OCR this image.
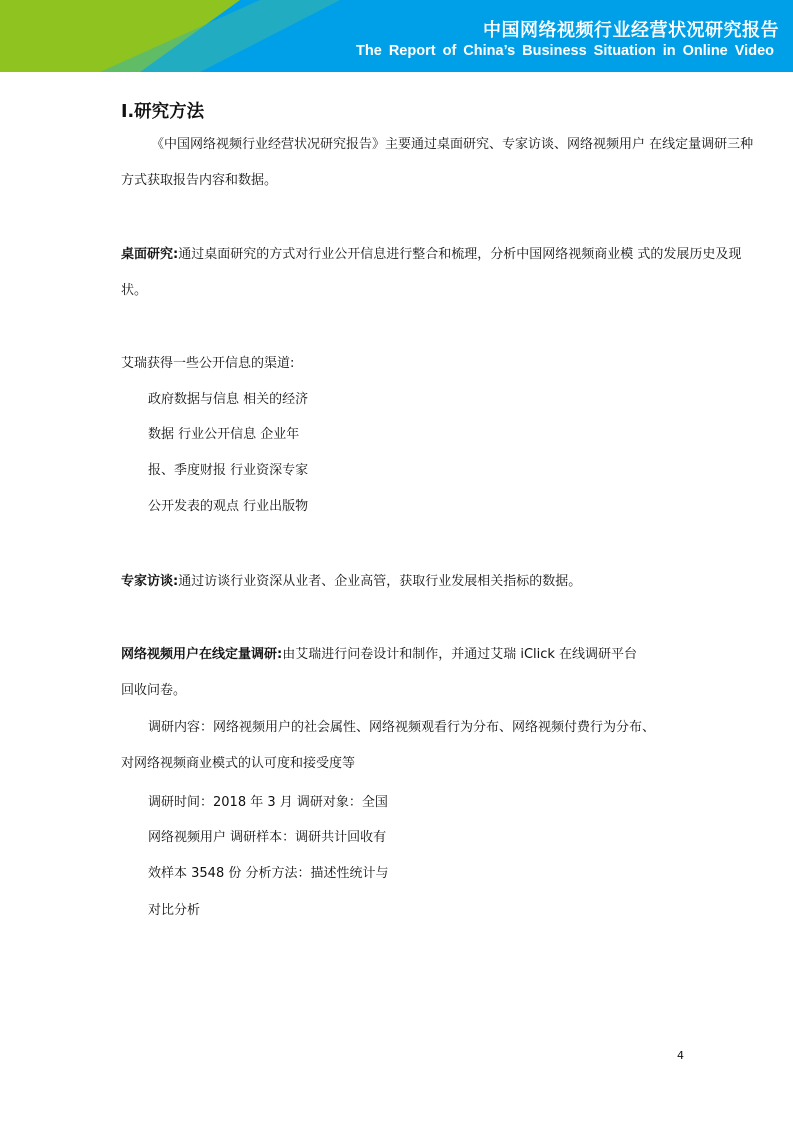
中国网络视频行业经营状况研究报告
The Report of China’s Business Situation in Online Video
Ⅰ.研究方法
《中国网络视频行业经营状况研究报告》主要通过桌面研究、专家访谈、网络视频用户 在线定量调研三种
方式获取报告内容和数据。
桌面研究:通过桌面研究的方式对行业公开信息进行整合和梳理，分析中国网络视频商业模 式的发展历史及现
状。
艾瑞获得一些公开信息的渠道:
政府数据与信息 相关的经济
数据 行业公开信息 企业年
报、季度财报 行业资深专家
公开发表的观点 行业出版物
专家访谈:通过访谈行业资深从业者、企业高管，获取行业发展相关指标的数据。
网络视频用户在线定量调研:由艾瑞进行问卷设计和制作，并通过艾瑞 iClick 在线调研平台
回收问卷。
调研内容：网络视频用户的社会属性、网络视频观看行为分布、网络视频付费行为分布、
对网络视频商业模式的认可度和接受度等
调研时间：2018 年 3 月 调研对象：全国
网络视频用户 调研样本：调研共计回收有
效样本 3548 份 分析方法：描述性统计与
对比分析
4
